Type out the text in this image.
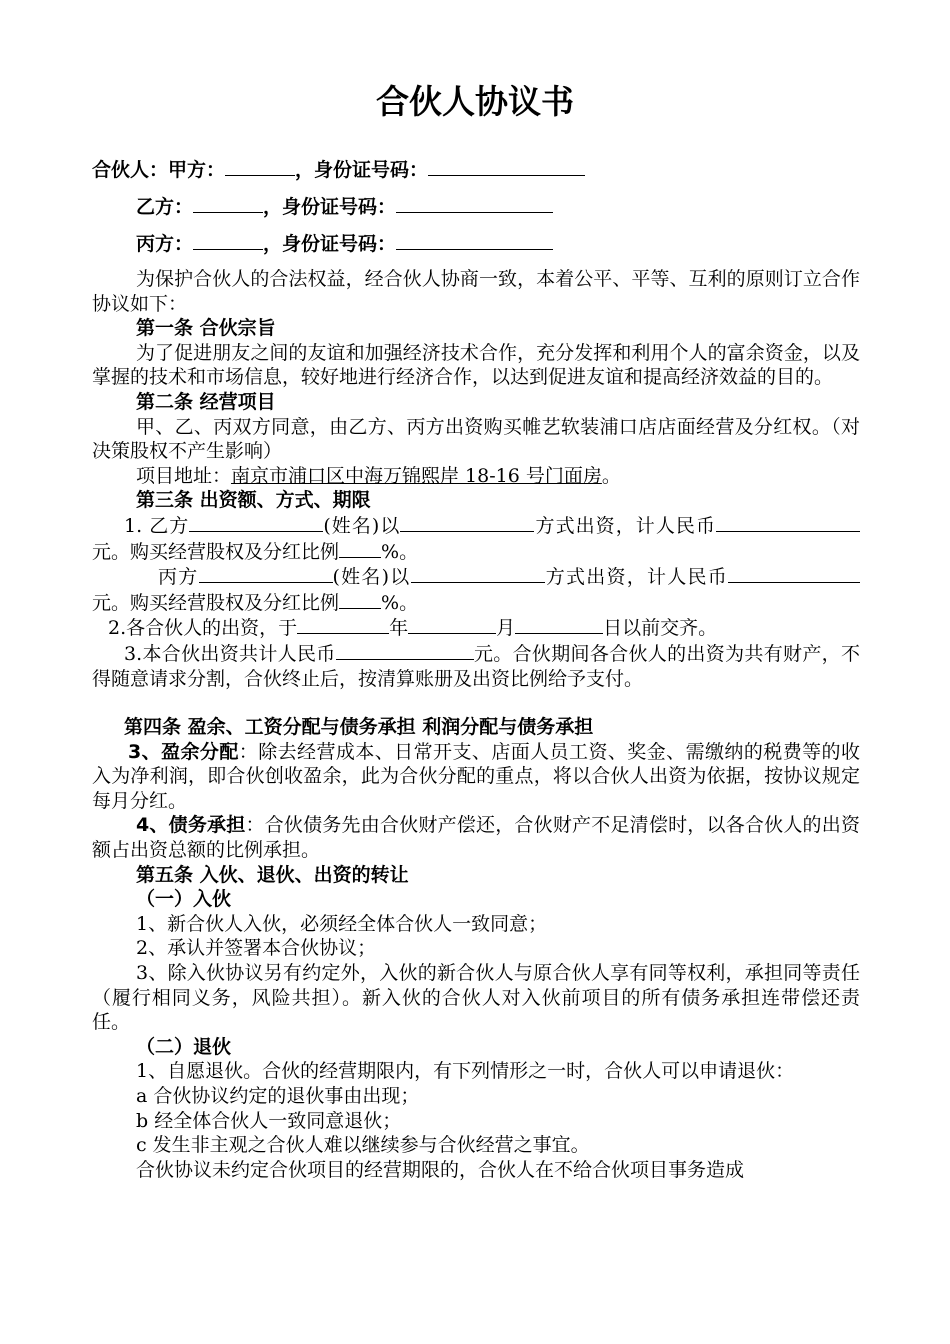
合伙人协议书
合伙人：甲方：	，身份证号码：
乙方：	，身份证号码：
丙方：	，身份证号码：

为保护合伙人的合法权益，经合伙人协商一致，本着公平、平等、互利的原则订立合作协议如下：

第一条 合伙宗旨

为了促进朋友之间的友谊和加强经济技术合作，充分发挥和利用个人的富余资金，以及掌握的技术和市场信息，较好地进行经济合作，以达到促进友谊和提高经济效益的目的。

第二条 经营项目

甲、乙、丙双方同意，由乙方、丙方出资购买帷艺软装浦口店店面经营及分红权。（对决策股权不产生影响）

项目地址：南京市浦口区中海万锦熙岸 18-16 号门面房。

第三条 出资额、方式、期限

1. 乙方	(姓名)以	方式出资，计人民币元。购买经营股权及分红比例 %。

丙方	(姓名)以	方式出资，计人民币元。购买经营股权及分红比例 %。

2.各合伙人的出资，于	年	月	日以前交齐。

3.本合伙出资共计人民币	元。合伙期间各合伙人的出资为共有财产，不得随意请求分割，合伙终止后，按清算账册及出资比例给予支付。

第四条 盈余、工资分配与债务承担 利润分配与债务承担

3、盈余分配：除去经营成本、日常开支、店面人员工资、奖金、需缴纳的税费等的收入为净利润，即合伙创收盈余，此为合伙分配的重点，将以合伙人出资为依据，按协议规定每月分红。

4、债务承担：合伙债务先由合伙财产偿还，合伙财产不足清偿时，以各合伙人的出资额占出资总额的比例承担。

第五条 入伙、退伙、出资的转让

（一）入伙

1、新合伙人入伙，必须经全体合伙人一致同意；

2、承认并签署本合伙协议；

3、除入伙协议另有约定外，入伙的新合伙人与原合伙人享有同等权利，承担同等责任（履行相同义务，风险共担）。新入伙的合伙人对入伙前项目的所有债务承担连带偿还责任。

（二）退伙

1、自愿退伙。合伙的经营期限内，有下列情形之一时，合伙人可以申请退伙：

a 合伙协议约定的退伙事由出现；

b 经全体合伙人一致同意退伙；

c 发生非主观之合伙人难以继续参与合伙经营之事宜。

合伙协议未约定合伙项目的经营期限的，合伙人在不给合伙项目事务造成
